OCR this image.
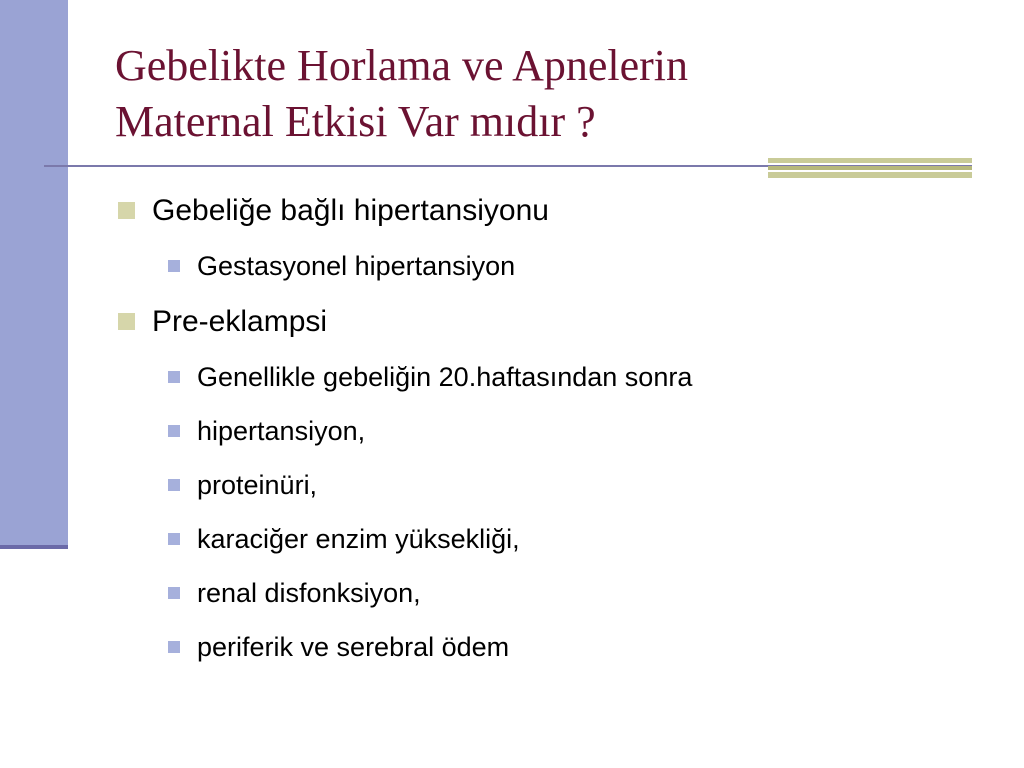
Gebelikte Horlama ve Apnelerin
Maternal Etkisi Var mıdır ?

Gebeliğe bağlı hipertansiyonu

Gestasyonel hipertansiyon

Pre-eklampsi

Genellikle gebeliğin 20.haftasından sonra

hipertansiyon,

proteinüri,

karaciğer enzim yüksekliği,

renal disfonksiyon,

periferik ve serebral ödem
